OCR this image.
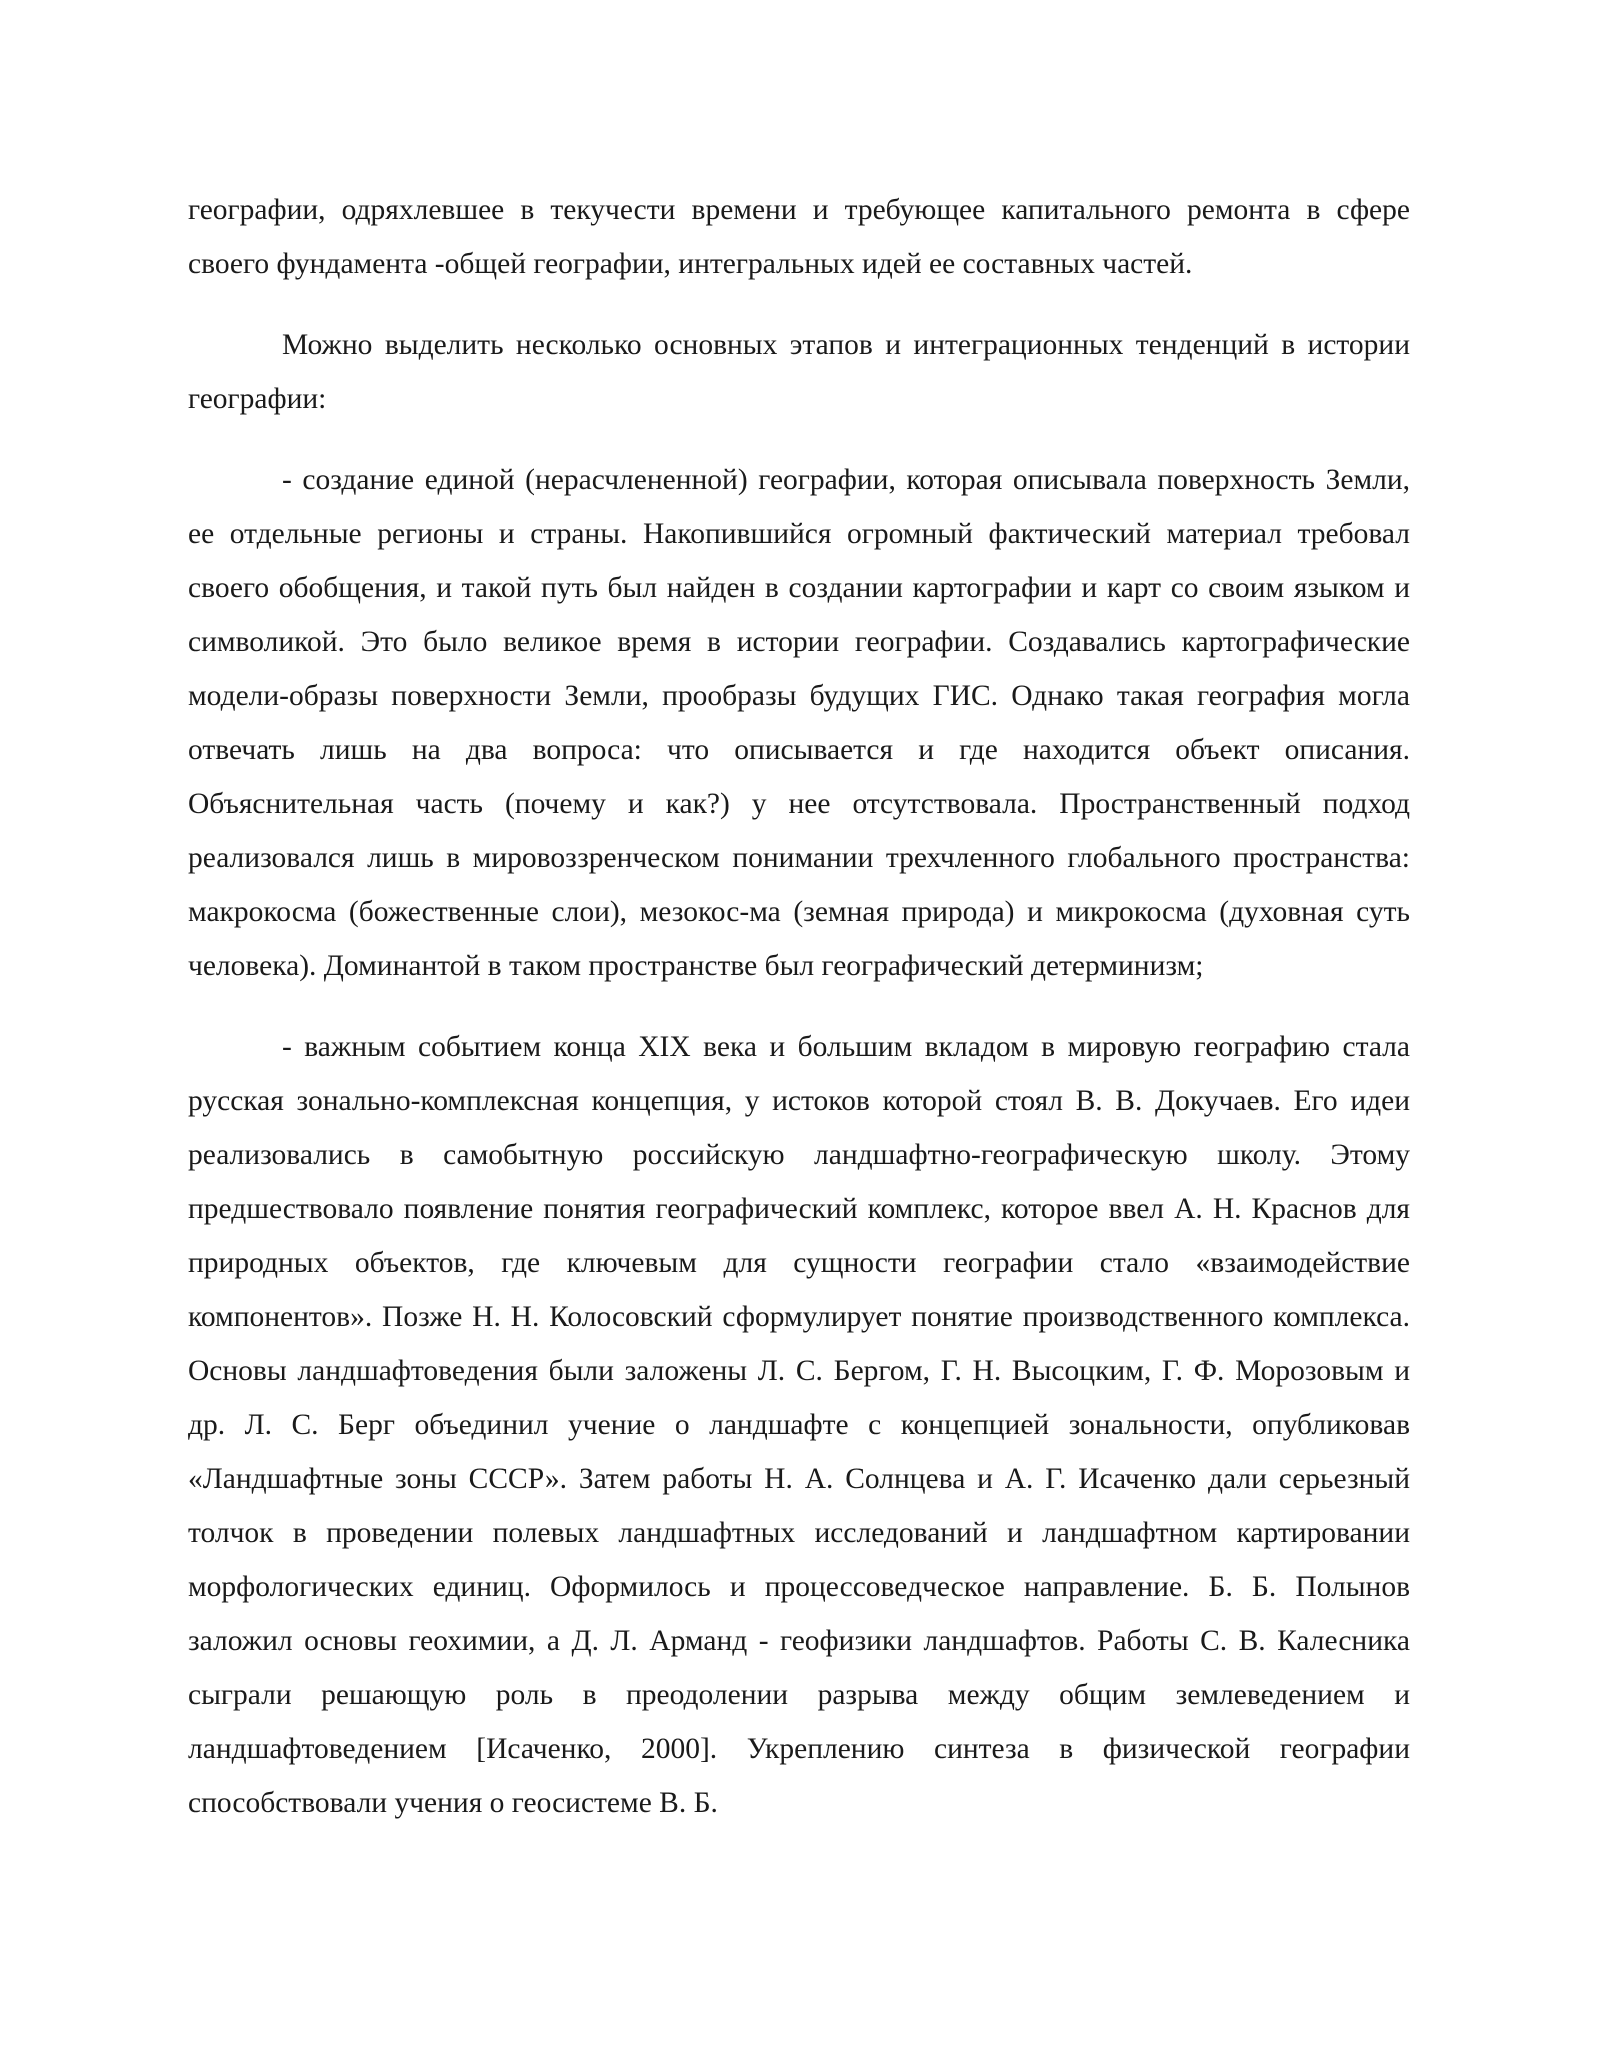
географии, одряхлевшее в текучести времени и требующее капитального ремонта в сфере своего фундамента -общей географии, интегральных идей ее составных частей.

Можно выделить несколько основных этапов и интеграционных тенденций в истории географии:

- создание единой (нерасчлененной) географии, которая описывала поверхность Земли, ее отдельные регионы и страны. Накопившийся огромный фактический материал требовал своего обобщения, и такой путь был найден в создании картографии и карт со своим языком и символикой. Это было великое время в истории географии. Создавались картографические модели-образы поверхности Земли, прообразы будущих ГИС. Однако такая география могла отвечать лишь на два вопроса: что описывается и где находится объект описания. Объяснительная часть (почему и как?) у нее отсутствовала. Пространственный подход реализовался лишь в мировоззренческом понимании трехчленного глобального пространства: макрокосма (божественные слои), мезокос-ма (земная природа) и микрокосма (духовная суть человека). Доминантой в таком пространстве был географический детерминизм;

- важным событием конца XIX века и большим вкладом в мировую географию стала русская зонально-комплексная концепция, у истоков которой стоял В. В. Докучаев. Его идеи реализовались в самобытную российскую ландшафтно-географическую школу. Этому предшествовало появление понятия географический комплекс, которое ввел А. Н. Краснов для природных объектов, где ключевым для сущности географии стало «взаимодействие компонентов». Позже Н. Н. Колосовский сформулирует понятие производственного комплекса. Основы ландшафтоведения были заложены Л. С. Бергом, Г. Н. Высоцким, Г. Ф. Морозовым и др. Л. С. Берг объединил учение о ландшафте с концепцией зональности, опубликовав «Ландшафтные зоны СССР». Затем работы Н. А. Солнцева и А. Г. Исаченко дали серьезный толчок в проведении полевых ландшафтных исследований и ландшафтном картировании морфологических единиц. Оформилось и процессоведческое направление. Б. Б. Полынов заложил основы геохимии, а Д. Л. Арманд - геофизики ландшафтов. Работы С. В. Калесника сыграли решающую роль в преодолении разрыва между общим землеведением и ландшафтоведением [Исаченко, 2000]. Укреплению синтеза в физической географии способствовали учения о геосистеме В. Б.
